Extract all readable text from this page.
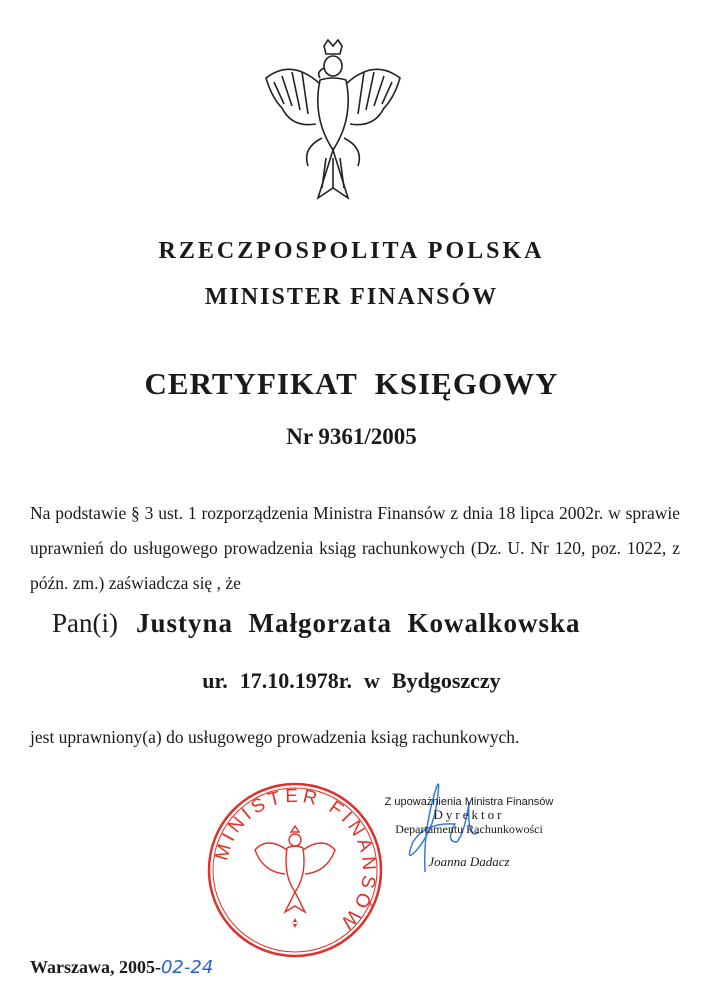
RZECZPOSPOLITA POLSKA
MINISTER FINANSÓW
CERTYFIKAT  KSIĘGOWY
Nr 9361/2005
Na podstawie § 3 ust. 1 rozporządzenia Ministra Finansów z dnia 18 lipca 2002r. w sprawie uprawnień do usługowego prowadzenia ksiąg rachunkowych (Dz. U. Nr 120, poz. 1022, z późn. zm.) zaświadcza się , że
Pan(i) Justyna  Małgorzata  Kowalkowska
ur. 17.10.1978r. w Bydgoszczy
jest uprawniony(a) do usługowego prowadzenia ksiąg rachunkowych.
MINISTER FINANSÓW
Z upoważnienia Ministra Finansów
Dyrektor
Departamentu Rachunkowości
Joanna Dadacz
Warszawa, 2005-02-24
